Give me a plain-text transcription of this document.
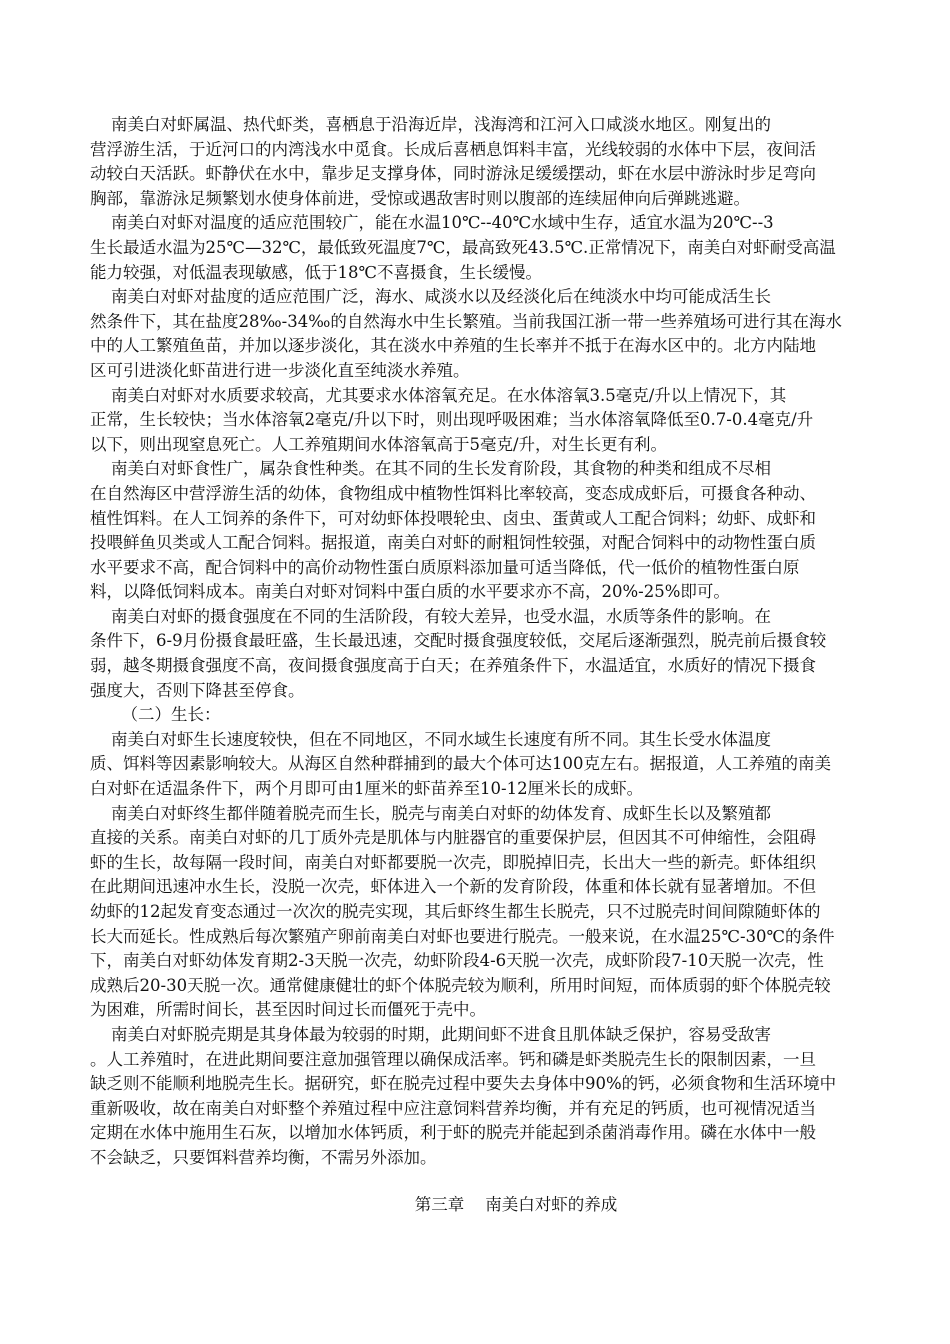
南美白对虾属温、热代虾类，喜栖息于沿海近岸，浅海湾和江河入口咸淡水地区。刚复出的
营浮游生活，于近河口的内湾浅水中觅食。长成后喜栖息饵料丰富，光线较弱的水体中下层，夜间活
动较白天活跃。虾静伏在水中，靠步足支撑身体，同时游泳足缓缓摆动，虾在水层中游泳时步足弯向
胸部，靠游泳足频繁划水使身体前进，受惊或遇敌害时则以腹部的连续屈伸向后弹跳逃避。
南美白对虾对温度的适应范围较广，能在水温10℃--40℃水域中生存，适宜水温为20℃--3
生长最适水温为25℃—32℃，最低致死温度7℃，最高致死43.5℃.正常情况下，南美白对虾耐受高温
能力较强，对低温表现敏感，低于18℃不喜摄食，生长缓慢。
南美白对虾对盐度的适应范围广泛，海水、咸淡水以及经淡化后在纯淡水中均可能成活生长
然条件下，其在盐度28‰-34‰的自然海水中生长繁殖。当前我国江浙一带一些养殖场可进行其在海水
中的人工繁殖鱼苗，并加以逐步淡化，其在淡水中养殖的生长率并不抵于在海水区中的。北方内陆地
区可引进淡化虾苗进行进一步淡化直至纯淡水养殖。
南美白对虾对水质要求较高，尤其要求水体溶氧充足。在水体溶氧3.5毫克/升以上情况下，其
正常，生长较快；当水体溶氧2毫克/升以下时，则出现呼吸困难；当水体溶氧降低至0.7-0.4毫克/升
以下，则出现窒息死亡。人工养殖期间水体溶氧高于5毫克/升，对生长更有利。
南美白对虾食性广，属杂食性种类。在其不同的生长发育阶段，其食物的种类和组成不尽相
在自然海区中营浮游生活的幼体，食物组成中植物性饵料比率较高，变态成成虾后，可摄食各种动、
植性饵料。在人工饲养的条件下，可对幼虾体投喂轮虫、卤虫、蛋黄或人工配合饲料；幼虾、成虾和
投喂鲜鱼贝类或人工配合饲料。据报道，南美白对虾的耐粗饲性较强，对配合饲料中的动物性蛋白质
水平要求不高，配合饲料中的高价动物性蛋白质原料添加量可适当降低，代一低价的植物性蛋白原
料，以降低饲料成本。南美白对虾对饲料中蛋白质的水平要求亦不高，20%-25%即可。
南美白对虾的摄食强度在不同的生活阶段，有较大差异，也受水温，水质等条件的影响。在
条件下，6-9月份摄食最旺盛，生长最迅速，交配时摄食强度较低，交尾后逐渐强烈，脱壳前后摄食较
弱，越冬期摄食强度不高，夜间摄食强度高于白天；在养殖条件下，水温适宜，水质好的情况下摄食
强度大，否则下降甚至停食。
（二）生长：
南美白对虾生长速度较快，但在不同地区，不同水域生长速度有所不同。其生长受水体温度
质、饵料等因素影响较大。从海区自然种群捕到的最大个体可达100克左右。据报道，人工养殖的南美
白对虾在适温条件下，两个月即可由1厘米的虾苗养至10-12厘米长的成虾。
南美白对虾终生都伴随着脱壳而生长，脱壳与南美白对虾的幼体发育、成虾生长以及繁殖都
直接的关系。南美白对虾的几丁质外壳是肌体与内脏器官的重要保护层，但因其不可伸缩性，会阻碍
虾的生长，故每隔一段时间，南美白对虾都要脱一次壳，即脱掉旧壳，长出大一些的新壳。虾体组织
在此期间迅速冲水生长，没脱一次壳，虾体进入一个新的发育阶段，体重和体长就有显著增加。不但
幼虾的12起发育变态通过一次次的脱壳实现，其后虾终生都生长脱壳，只不过脱壳时间间隙随虾体的
长大而延长。性成熟后每次繁殖产卵前南美白对虾也要进行脱壳。一般来说，在水温25℃-30℃的条件
下，南美白对虾幼体发育期2-3天脱一次壳，幼虾阶段4-6天脱一次壳，成虾阶段7-10天脱一次壳，性
成熟后20-30天脱一次。通常健康健壮的虾个体脱壳较为顺利，所用时间短，而体质弱的虾个体脱壳较
为困难，所需时间长，甚至因时间过长而僵死于壳中。
南美白对虾脱壳期是其身体最为较弱的时期，此期间虾不进食且肌体缺乏保护，容易受敌害
。人工养殖时，在进此期间要注意加强管理以确保成活率。钙和磷是虾类脱壳生长的限制因素，一旦
缺乏则不能顺利地脱壳生长。据研究，虾在脱壳过程中要失去身体中90%的钙，必须食物和生活环境中
重新吸收，故在南美白对虾整个养殖过程中应注意饲料营养均衡，并有充足的钙质，也可视情况适当
定期在水体中施用生石灰，以增加水体钙质，利于虾的脱壳并能起到杀菌消毒作用。磷在水体中一般
不会缺乏，只要饵料营养均衡，不需另外添加。
第三章    南美白对虾的养成
